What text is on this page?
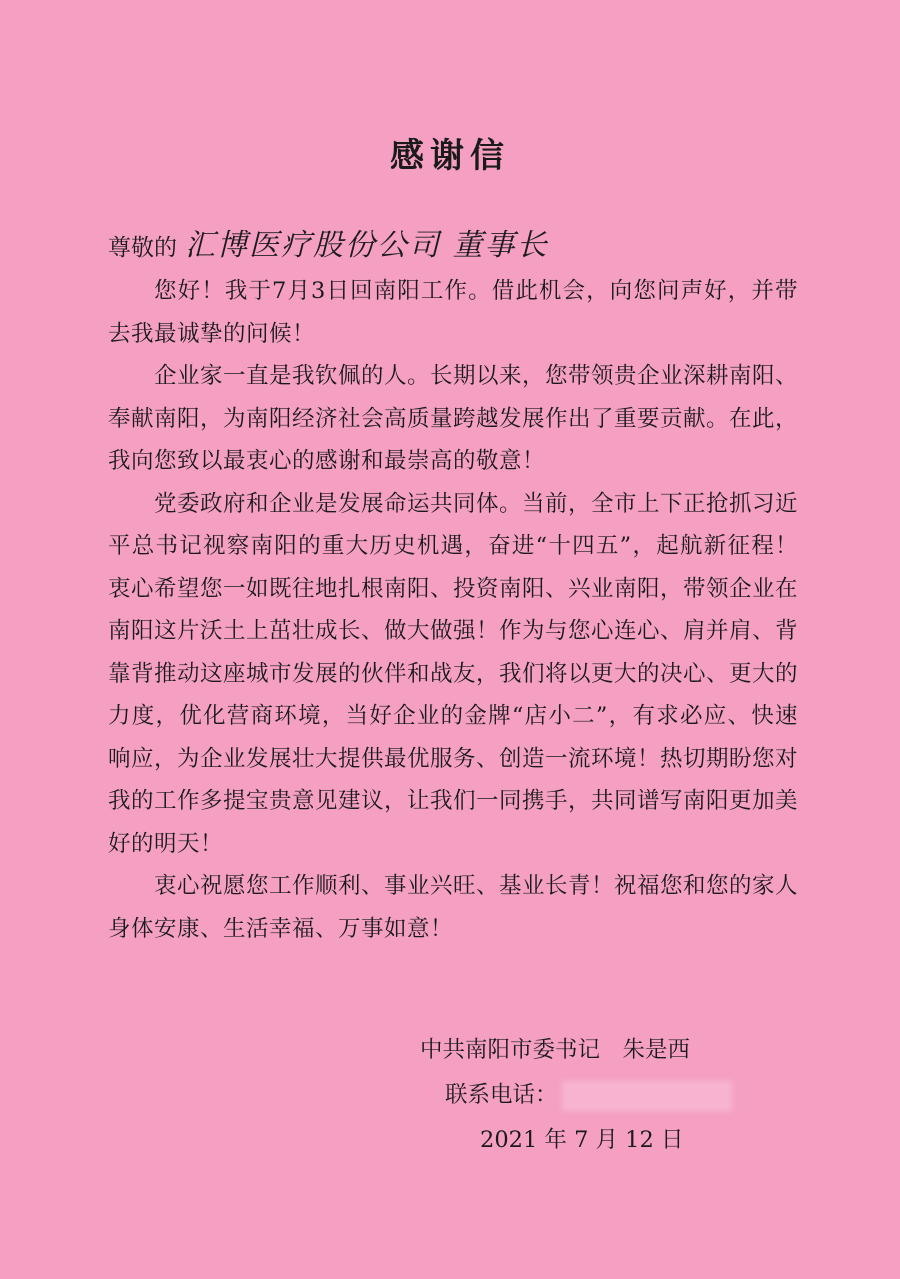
感谢信
尊敬的 汇博医疗股份公司 董事长

您好！我于7月3日回南阳工作。借此机会，向您问声好，并带去我最诚挚的问候！

企业家一直是我钦佩的人。长期以来，您带领贵企业深耕南阳、奉献南阳，为南阳经济社会高质量跨越发展作出了重要贡献。在此，我向您致以最衷心的感谢和最崇高的敬意！

党委政府和企业是发展命运共同体。当前，全市上下正抢抓习近平总书记视察南阳的重大历史机遇，奋进“十四五”，起航新征程！衷心希望您一如既往地扎根南阳、投资南阳、兴业南阳，带领企业在南阳这片沃土上茁壮成长、做大做强！作为与您心连心、肩并肩、背靠背推动这座城市发展的伙伴和战友，我们将以更大的决心、更大的力度，优化营商环境，当好企业的金牌“店小二”，有求必应、快速响应，为企业发展壮大提供最优服务、创造一流环境！热切期盼您对我的工作多提宝贵意见建议，让我们一同携手，共同谱写南阳更加美好的明天！

衷心祝愿您工作顺利、事业兴旺、基业长青！祝福您和您的家人身体安康、生活幸福、万事如意！

中共南阳市委书记　朱是西
联系电话：
2021 年 7 月 12 日
